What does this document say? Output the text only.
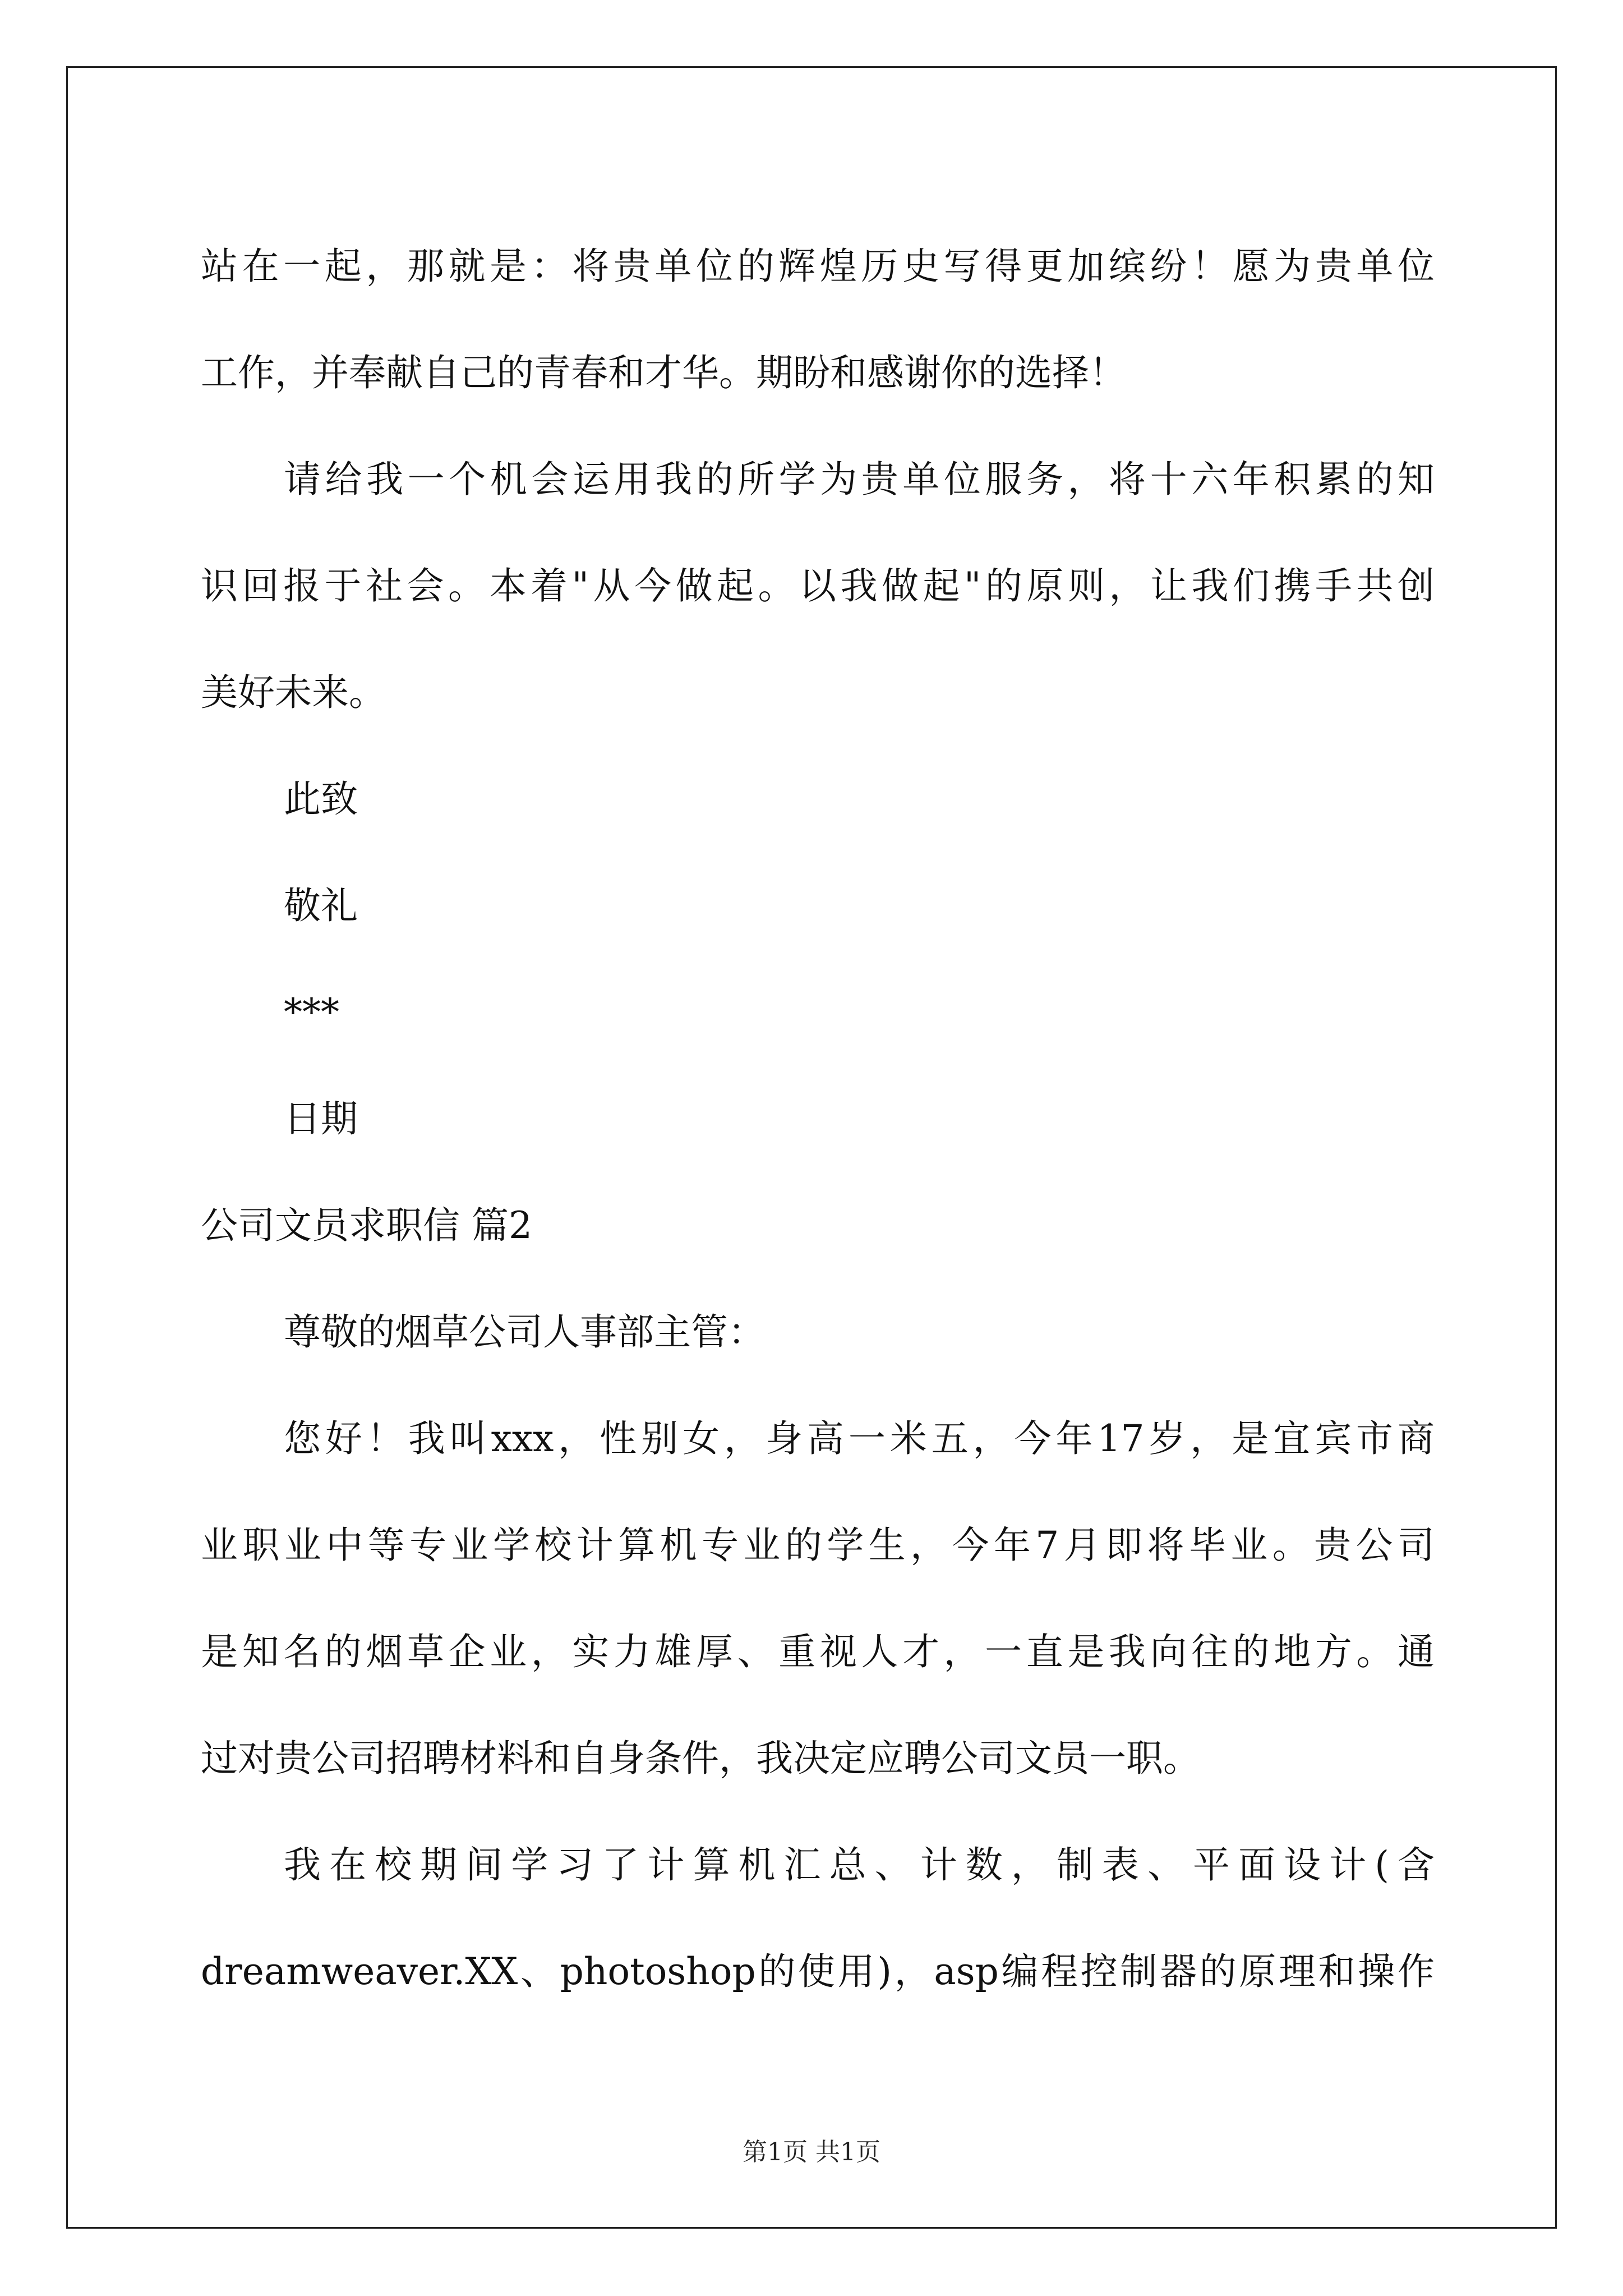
站在一起，那就是：将贵单位的辉煌历史写得更加缤纷！愿为贵单位
工作，并奉献自己的青春和才华。期盼和感谢你的选择！
请给我一个机会运用我的所学为贵单位服务，将十六年积累的知
识回报于社会。本着"从今做起。以我做起"的原则，让我们携手共创
美好未来。
此致
敬礼
***
日期
公司文员求职信 篇2
尊敬的烟草公司人事部主管：
您好！我叫xxx，性别女，身高一米五，今年17岁，是宜宾市商
业职业中等专业学校计算机专业的学生，今年7月即将毕业。贵公司
是知名的烟草企业，实力雄厚、重视人才，一直是我向往的地方。通
过对贵公司招聘材料和自身条件，我决定应聘公司文员一职。
我在校期间学习了计算机汇总、计数，制表、平面设计(含
dreamweaver.XX、photoshop的使用)，asp编程控制器的原理和操作
第1页 共1页
